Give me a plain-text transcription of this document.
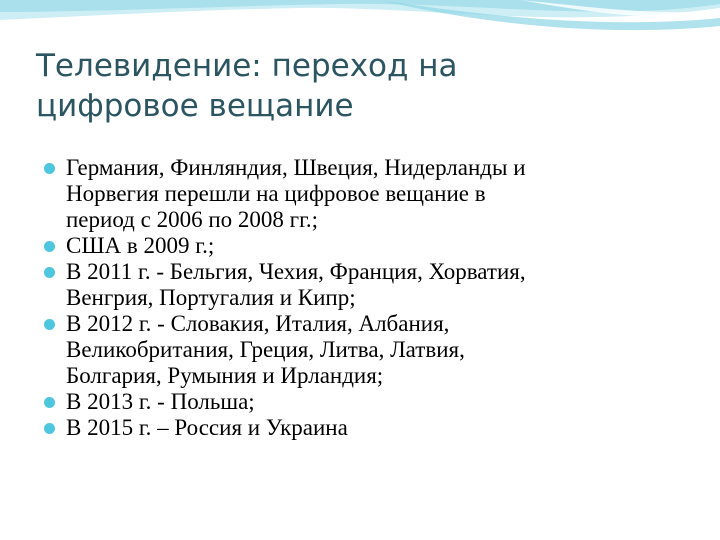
Телевидение: переход на
цифровое вещание
Германия, Финляндия, Швеция, Нидерланды и
Норвегия перешли на цифровое вещание в
период с 2006 по 2008 гг.;
США в 2009 г.;
В 2011 г. - Бельгия, Чехия, Франция, Хорватия,
Венгрия, Португалия и Кипр;
В 2012 г. - Словакия, Италия, Албания,
Великобритания, Греция, Литва, Латвия,
Болгария, Румыния и Ирландия;
В 2013 г. - Польша;
В 2015 г. – Россия и Украина
